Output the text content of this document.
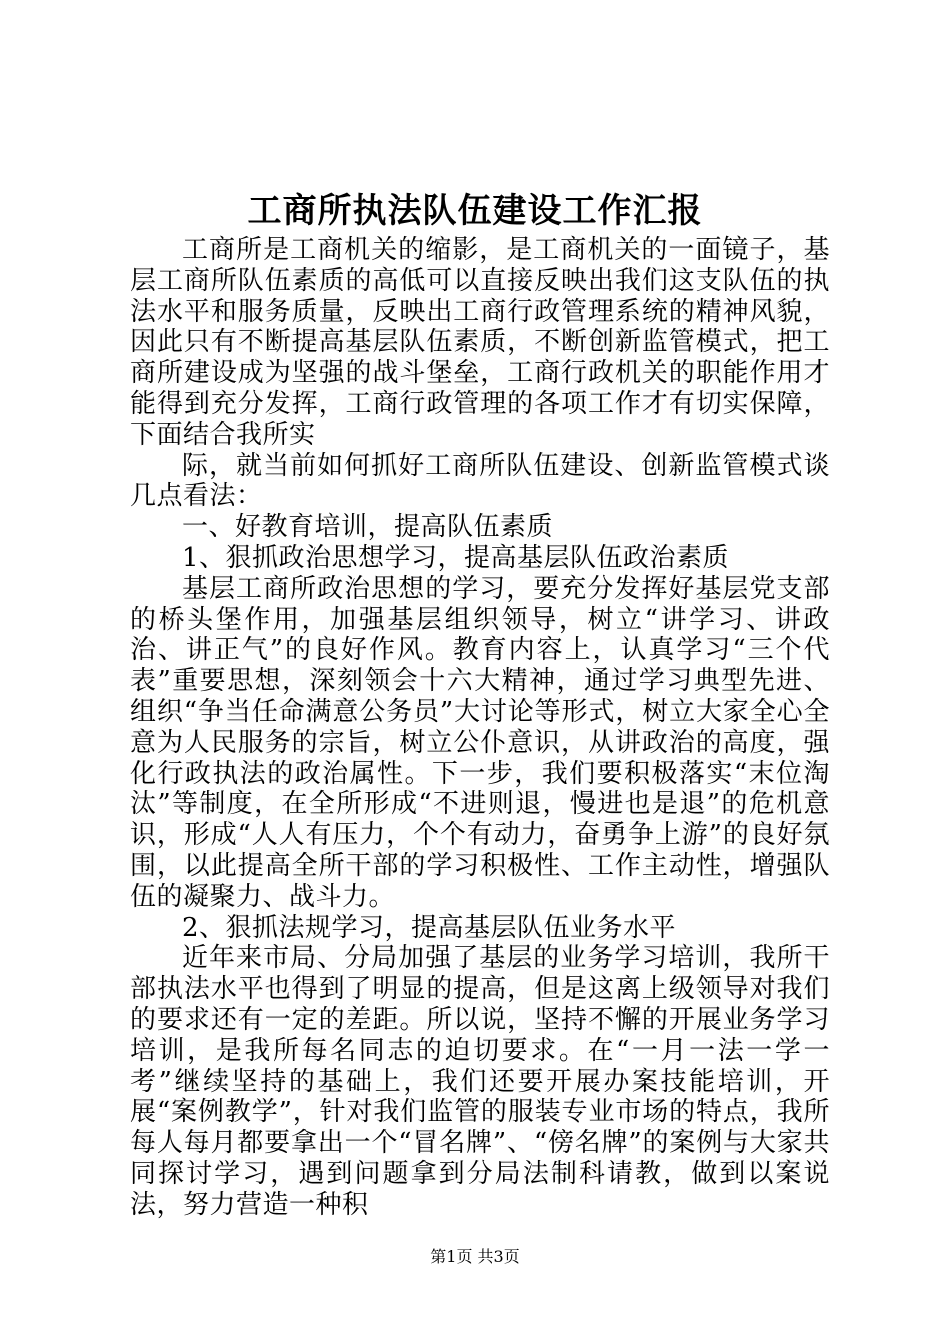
工商所执法队伍建设工作汇报

工商所是工商机关的缩影，是工商机关的一面镜子，基层工商所队伍素质的高低可以直接反映出我们这支队伍的执法水平和服务质量，反映出工商行政管理系统的精神风貌，因此只有不断提高基层队伍素质，不断创新监管模式，把工商所建设成为坚强的战斗堡垒，工商行政机关的职能作用才能得到充分发挥，工商行政管理的各项工作才有切实保障，下面结合我所实

际，就当前如何抓好工商所队伍建设、创新监管模式谈几点看法：

一、好教育培训，提高队伍素质

1、狠抓政治思想学习，提高基层队伍政治素质

基层工商所政治思想的学习，要充分发挥好基层党支部的桥头堡作用，加强基层组织领导，树立“讲学习、讲政治、讲正气”的良好作风。教育内容上，认真学习“三个代表”重要思想，深刻领会十六大精神，通过学习典型先进、组织“争当任命满意公务员”大讨论等形式，树立大家全心全意为人民服务的宗旨，树立公仆意识，从讲政治的高度，强化行政执法的政治属性。下一步，我们要积极落实“末位淘汰”等制度，在全所形成“不进则退，慢进也是退”的危机意识，形成“人人有压力，个个有动力，奋勇争上游”的良好氛围，以此提高全所干部的学习积极性、工作主动性，增强队伍的凝聚力、战斗力。

2、狠抓法规学习，提高基层队伍业务水平

近年来市局、分局加强了基层的业务学习培训，我所干部执法水平也得到了明显的提高，但是这离上级领导对我们的要求还有一定的差距。所以说，坚持不懈的开展业务学习培训，是我所每名同志的迫切要求。在“一月一法一学一考”继续坚持的基础上，我们还要开展办案技能培训，开展“案例教学”，针对我们监管的服装专业市场的特点，我所每人每月都要拿出一个“冒名牌”、“傍名牌”的案例与大家共同探讨学习，遇到问题拿到分局法制科请教，做到以案说法，努力营造一种积

第1页 共3页
